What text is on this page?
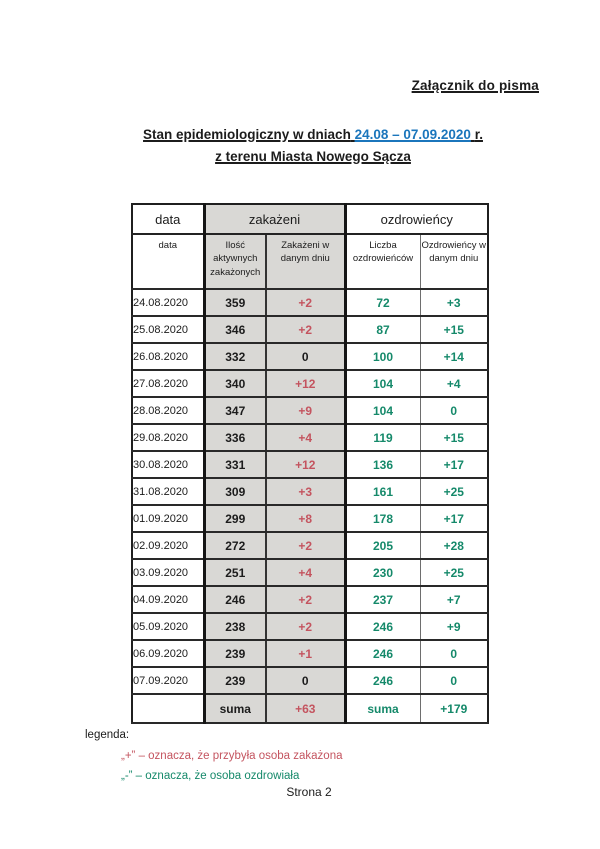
Załącznik do pisma
Stan epidemiologiczny w dniach 24.08 – 07.09.2020 r.
z terenu Miasta Nowego Sącza
data	zakażeni		ozdrowieńcy	
data	Ilość aktywnych zakażonych	Zakażeni w danym dniu	Liczba ozdrowieńców	Ozdrowieńcy w danym dniu
24.08.2020	359	+2	72	+3
25.08.2020	346	+2	87	+15
26.08.2020	332	0	100	+14
27.08.2020	340	+12	104	+4
28.08.2020	347	+9	104	0
29.08.2020	336	+4	119	+15
30.08.2020	331	+12	136	+17
31.08.2020	309	+3	161	+25
01.09.2020	299	+8	178	+17
02.09.2020	272	+2	205	+28
03.09.2020	251	+4	230	+25
04.09.2020	246	+2	237	+7
05.09.2020	238	+2	246	+9
06.09.2020	239	+1	246	0
07.09.2020	239	0	246	0
	suma	+63	suma	+179
legenda:
„+” – oznacza, że przybyła osoba zakażona
„-” – oznacza, że osoba ozdrowiała
Strona 2
